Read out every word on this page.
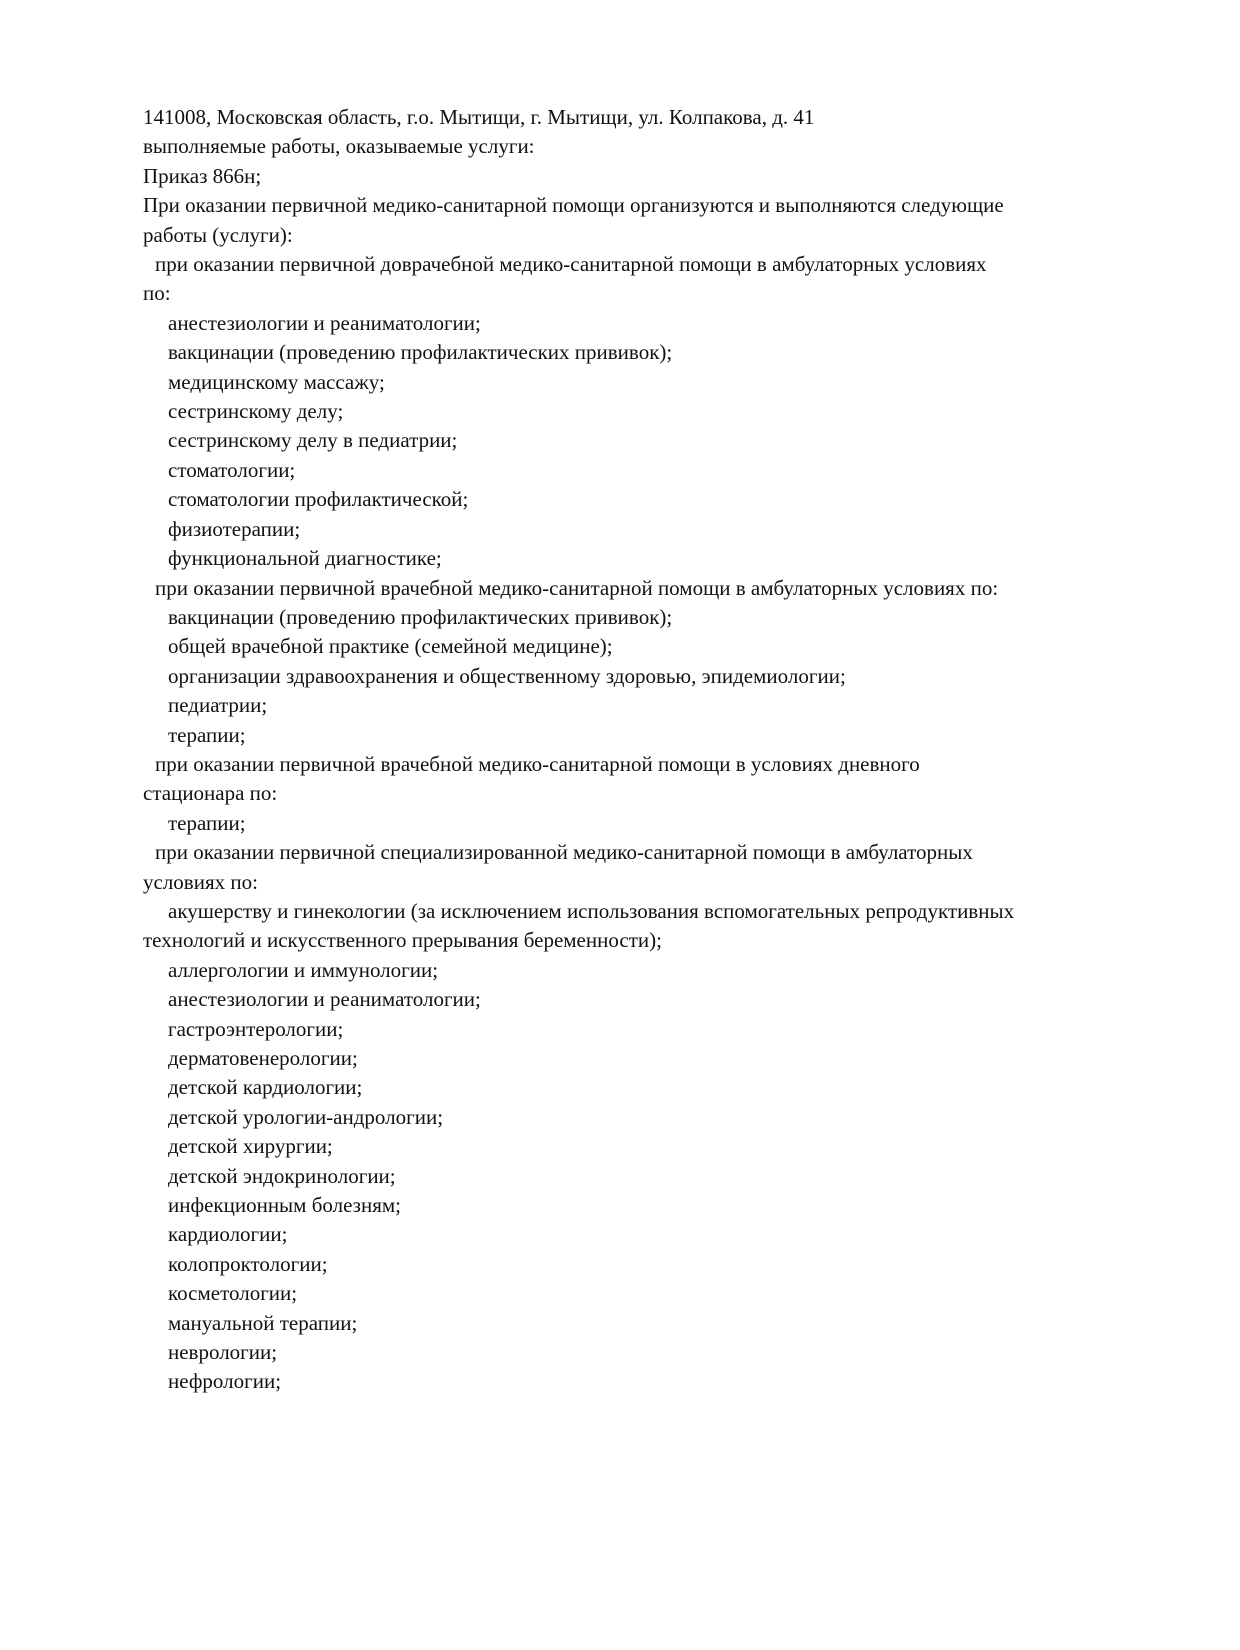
141008, Московская область, г.о. Мытищи, г. Мытищи, ул. Колпакова, д. 41
выполняемые работы, оказываемые услуги:
Приказ 866н;
При оказании первичной медико-санитарной помощи организуются и выполняются следующие
работы (услуги):
при оказании первичной доврачебной медико-санитарной помощи в амбулаторных условиях
по:
анестезиологии и реаниматологии;
вакцинации (проведению профилактических прививок);
медицинскому массажу;
сестринскому делу;
сестринскому делу в педиатрии;
стоматологии;
стоматологии профилактической;
физиотерапии;
функциональной диагностике;
при оказании первичной врачебной медико-санитарной помощи в амбулаторных условиях по:
вакцинации (проведению профилактических прививок);
общей врачебной практике (семейной медицине);
организации здравоохранения и общественному здоровью, эпидемиологии;
педиатрии;
терапии;
при оказании первичной врачебной медико-санитарной помощи в условиях дневного
стационара по:
терапии;
при оказании первичной специализированной медико-санитарной помощи в амбулаторных
условиях по:
акушерству и гинекологии (за исключением использования вспомогательных репродуктивных
технологий и искусственного прерывания беременности);
аллергологии и иммунологии;
анестезиологии и реаниматологии;
гастроэнтерологии;
дерматовенерологии;
детской кардиологии;
детской урологии-андрологии;
детской хирургии;
детской эндокринологии;
инфекционным болезням;
кардиологии;
колопроктологии;
косметологии;
мануальной терапии;
неврологии;
нефрологии;
